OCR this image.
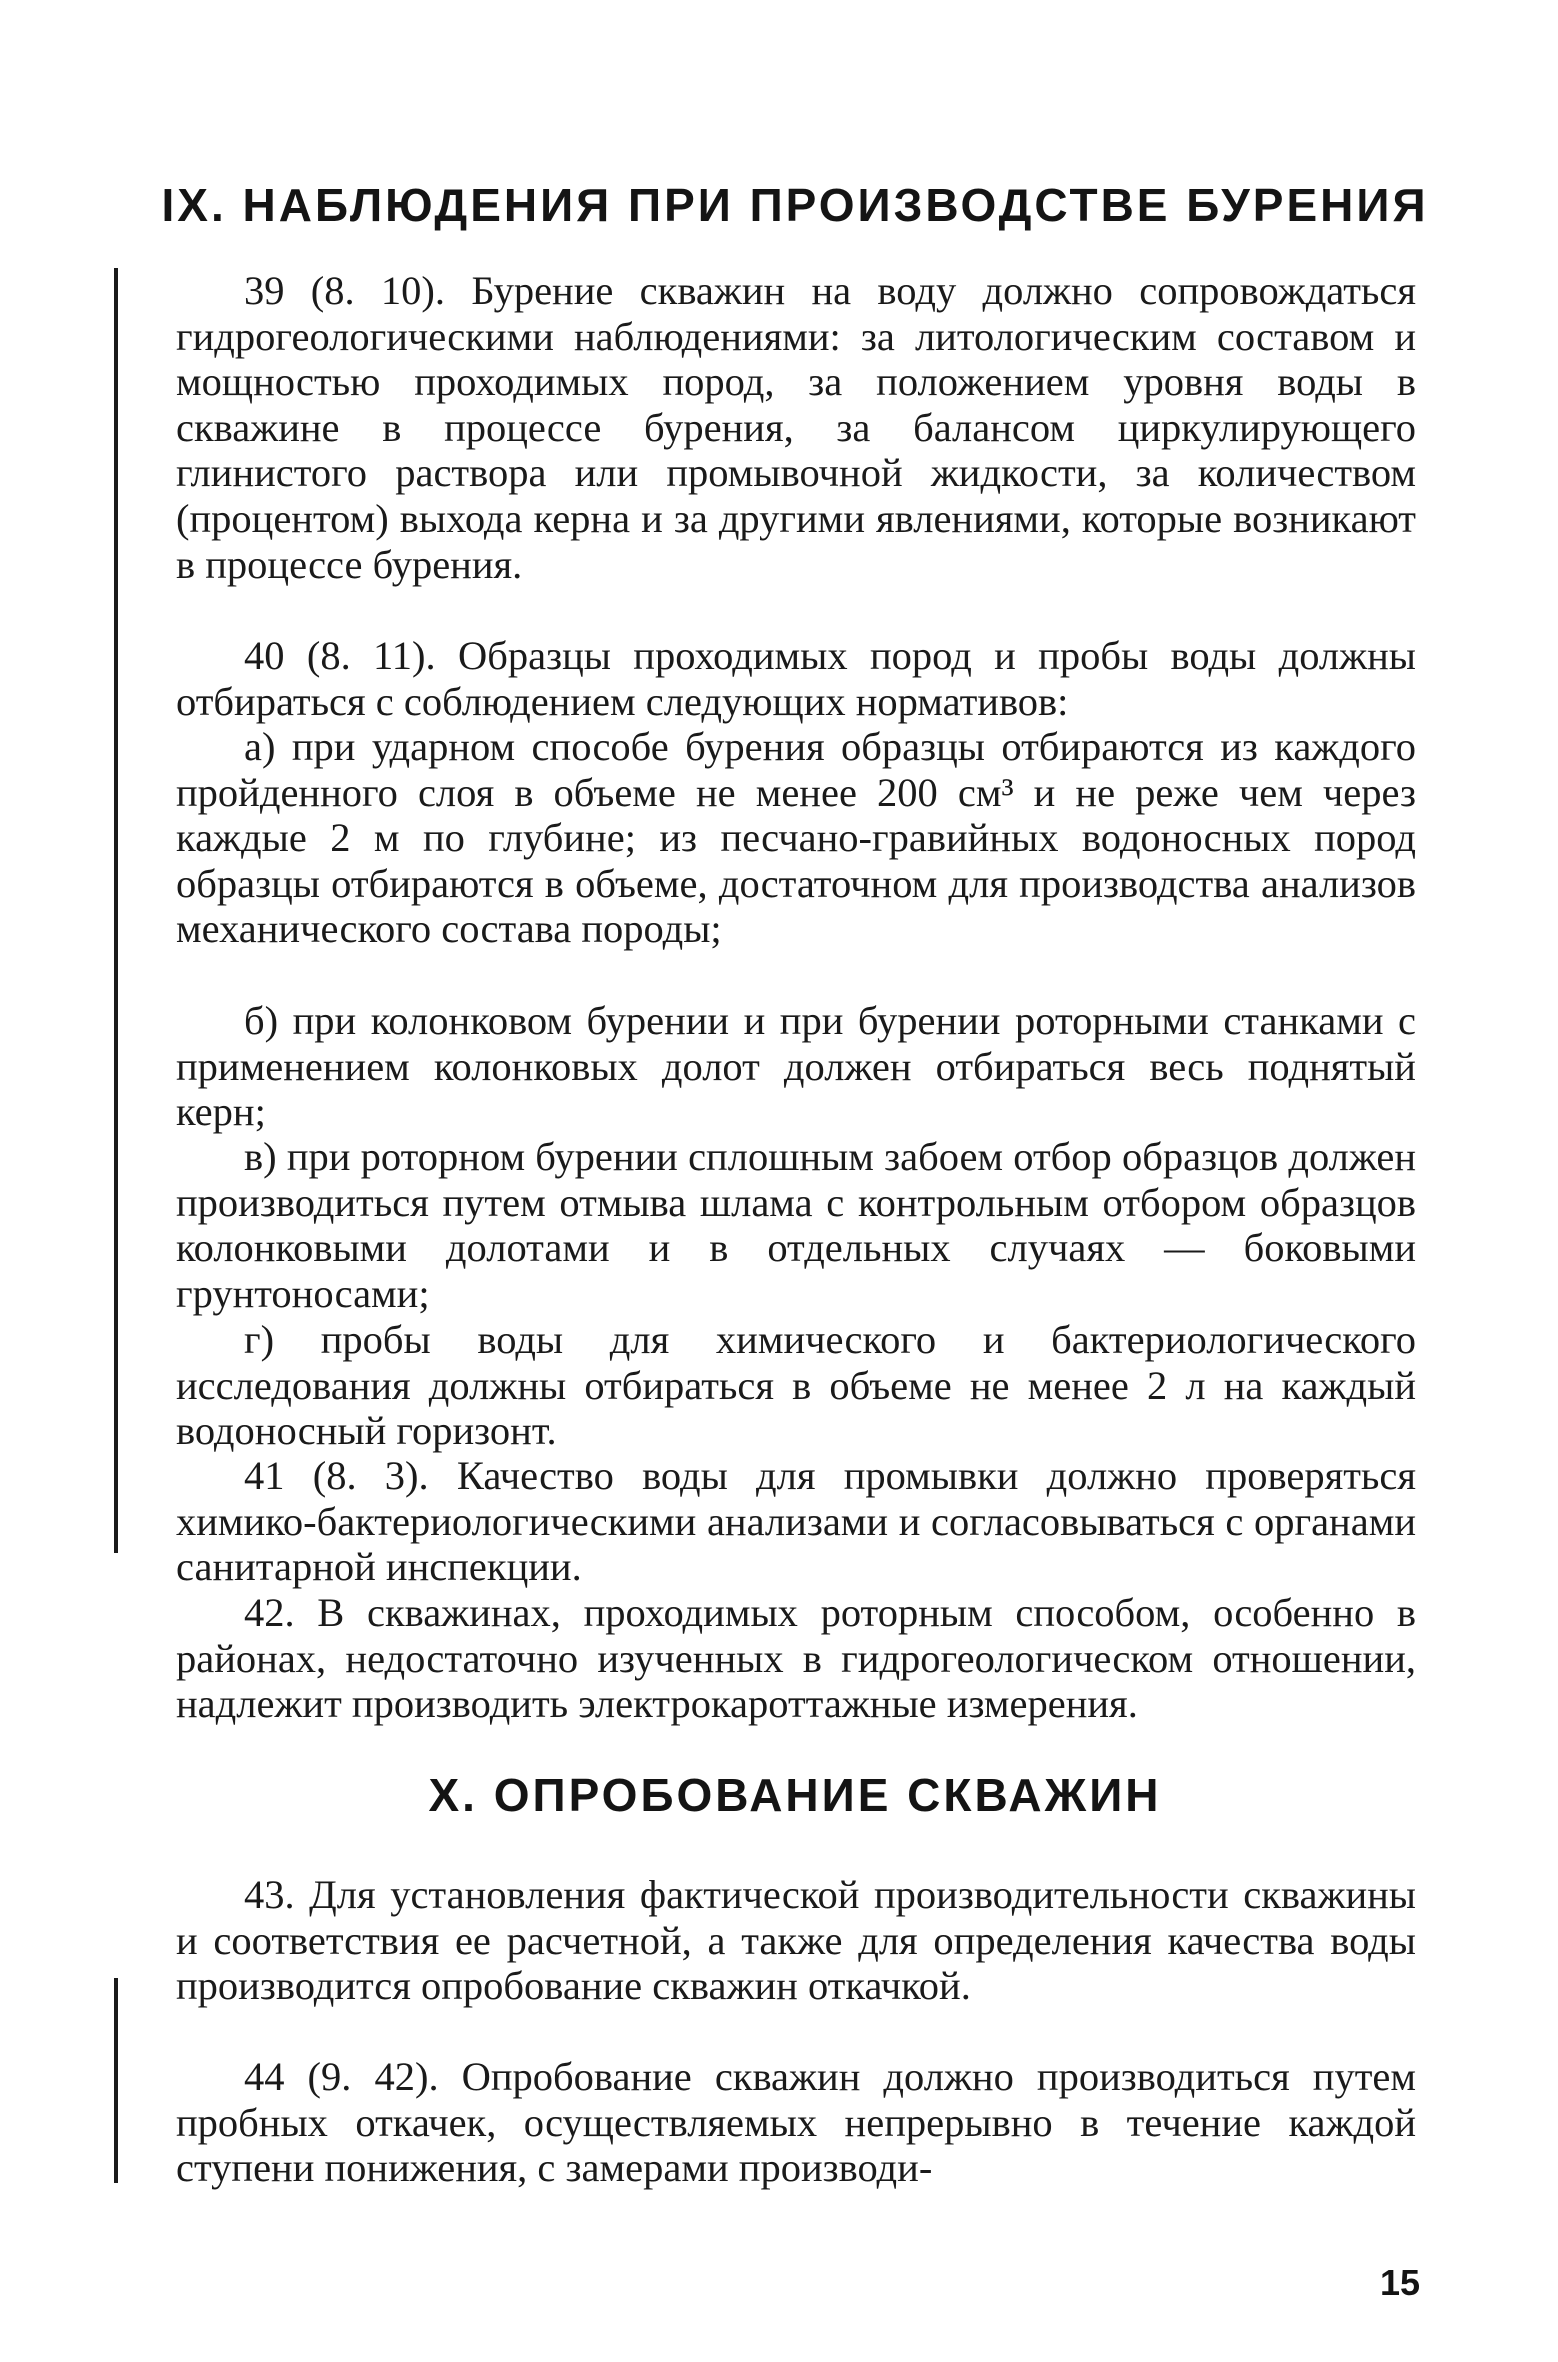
IX. НАБЛЮДЕНИЯ ПРИ ПРОИЗВОДСТВЕ БУРЕНИЯ

39 (8. 10). Бурение скважин на воду должно сопровождаться гидрогеологическими наблюдениями: за литологическим составом и мощностью проходимых пород, за положением уровня воды в скважине в процессе бурения, за балансом циркулирующего глинистого раствора или промывочной жидкости, за количеством (процентом) выхода керна и за другими явлениями, которые возникают в процессе бурения.

40 (8. 11). Образцы проходимых пород и пробы воды должны отбираться с соблюдением следующих нормативов:

а) при ударном способе бурения образцы отбираются из каждого пройденного слоя в объеме не менее 200 см³ и не реже чем через каждые 2 м по глубине; из песчано-гравийных водоносных пород образцы отбираются в объеме, достаточном для производства анализов механического состава породы;

б) при колонковом бурении и при бурении роторными станками с применением колонковых долот должен отбираться весь поднятый керн;

в) при роторном бурении сплошным забоем отбор образцов должен производиться путем отмыва шлама с контрольным отбором образцов колонковыми долотами и в отдельных случаях — боковыми грунтоносами;

г) пробы воды для химического и бактериологического исследования должны отбираться в объеме не менее 2 л на каждый водоносный горизонт.

41 (8. 3). Качество воды для промывки должно проверяться химико-бактериологическими анализами и согласовываться с органами санитарной инспекции.

42. В скважинах, проходимых роторным способом, особенно в районах, недостаточно изученных в гидрогеологическом отношении, надлежит производить электрокароттажные измерения.

X. ОПРОБОВАНИЕ СКВАЖИН

43. Для установления фактической производительности скважины и соответствия ее расчетной, а также для определения качества воды производится опробование скважин откачкой.

44 (9. 42). Опробование скважин должно производиться путем пробных откачек, осуществляемых непрерывно в течение каждой ступени понижения, с замерами производи-

15
